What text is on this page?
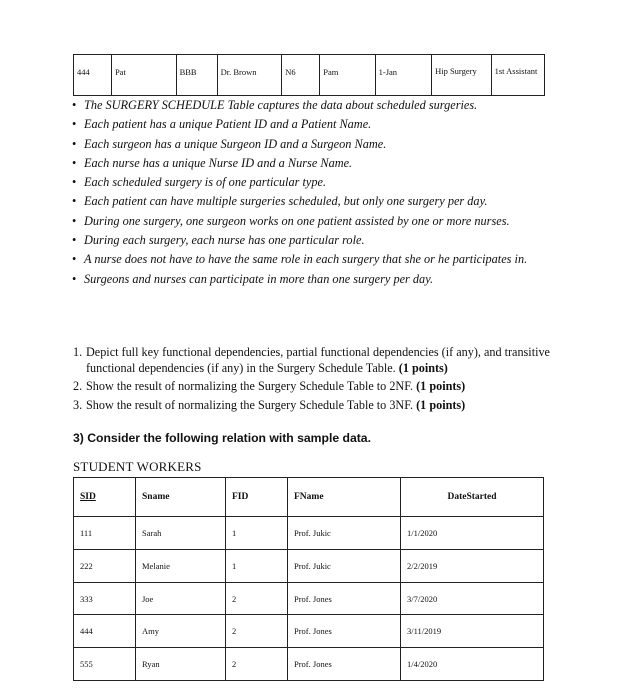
444	Pat	BBB	Dr. Brown	N6	Pam	1-Jan	Hip Surgery	1st Assistant
• The SURGERY SCHEDULE Table captures the data about scheduled surgeries.
• Each patient has a unique Patient ID and a Patient Name.
• Each surgeon has a unique Surgeon ID and a Surgeon Name.
• Each nurse has a unique Nurse ID and a Nurse Name.
• Each scheduled surgery is of one particular type.
• Each patient can have multiple surgeries scheduled, but only one surgery per day.
• During one surgery, one surgeon works on one patient assisted by one or more nurses.
• During each surgery, each nurse has one particular role.
• A nurse does not have to have the same role in each surgery that she or he participates in.
• Surgeons and nurses can participate in more than one surgery per day.
1. Depict full key functional dependencies, partial functional dependencies (if any), and transitive functional dependencies (if any) in the Surgery Schedule Table. (1 points)
2. Show the result of normalizing the Surgery Schedule Table to 2NF. (1 points)
3. Show the result of normalizing the Surgery Schedule Table to 3NF. (1 points)
3) Consider the following relation with sample data.
STUDENT WORKERS
SID	Sname	FID	FName	DateStarted
111	Sarah	1	Prof. Jukic	1/1/2020
222	Melanie	1	Prof. Jukic	2/2/2019
333	Joe	2	Prof. Jones	3/7/2020
444	Amy	2	Prof. Jones	3/11/2019
555	Ryan	2	Prof. Jones	1/4/2020
